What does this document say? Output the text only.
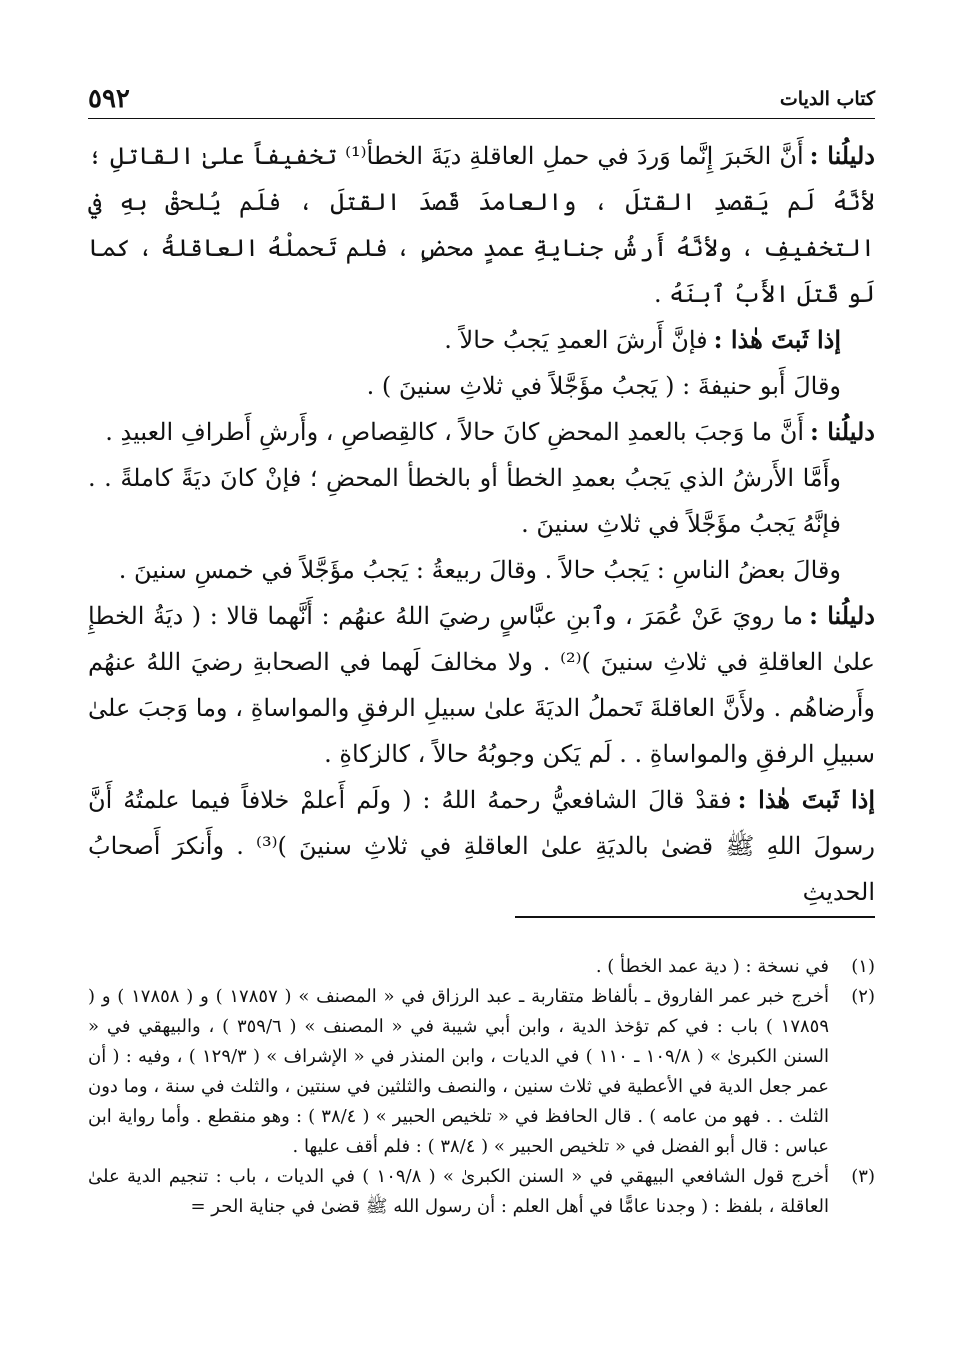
كتاب الديات
٥٩٢

دليلُنا :أَنَّ الخَبرَ إِنَّما وَردَ في حملِ العاقلةِ ديَةَ الخطأ⁽¹⁾ تخفيفاً علىٰ القاتلِ ؛ لأنَّهُ لَم يَقصدِ القتلَ ، والعامدَ قَصدَ القتلَ ، فلَم يُلحقْ بهِ في التخفيفِ ، ولأنَّهُ أَرشُ جنايةِ عمدٍ محضٍ ، فلم تَحملْهُ العاقلةُ ، كما لَو قَتلَ الأَبُ ٱبنَهُ .

إذا ثَبتَ هٰذا :فإنَّ أَرشَ العمدِ يَجبُ حالاً .

وقالَ أَبو حنيفةَ : ( يَجبُ مؤَجَّلاً في ثلاثِ سنينَ ) .

دليلُنا :أَنَّ ما وَجبَ بالعمدِ المحضِ كانَ حالاً ، كالقِصاصِ ، وأَرشِ أَطرافِ العبيدِ .

وأَمَّا الأَرشُ الذي يَجبُ بعمدِ الخطأ أو بالخطأ المحضِ ؛ فإنْ كانَ ديَةً كاملةً . . فإنَّهُ يَجبُ مؤَجَّلاً في ثلاثِ سنينَ .

وقالَ بعضُ الناسِ : يَجبُ حالاً . وقالَ ربيعةُ : يَجبُ مؤَجَّلاً في خمسِ سنينَ .

دليلُنا :ما رويَ عَنْ عُمَرَ ، وٱبنِ عبَّاسٍ رضيَ اللهُ عنهُم : أَنَّهما قالا : ( ديَةُ الخطإِ علىٰ العاقلةِ في ثلاثِ سنينَ )⁽²⁾ . ولا مخالفَ لَهما في الصحابةِ رضيَ اللهُ عنهُم وأَرضاهُم . ولأَنَّ العاقلةَ تَحملُ الديَةَ علىٰ سبيلِ الرفقِ والمواساةِ ، وما وَجبَ علىٰ سبيلِ الرفقِ والمواساةِ . . لَم يَكن وجوبُهُ حالاً ، كالزكاةِ .

إذا ثَبتَ هٰذا :فقدْ قالَ الشافعيُّ رحمهُ اللهُ : ( ولَم أَعلمْ خلافاً فيما علمتُهُ أَنَّ رسولَ اللهِ ﷺ قضىٰ بالديَةِ علىٰ العاقلةِ في ثلاثِ سنينَ )⁽³⁾ . وأَنكرَ أَصحابُ الحديثِ

(١)

في نسخة : ( دية عمد الخطأ ) .

(٢)

أخرج خبر عمر الفاروق ـ بألفاظ متقاربة ـ عبد الرزاق في « المصنف » ( ١٧٨٥٧ ) و ( ١٧٨٥٨ ) و ( ١٧٨٥٩ ) باب : في كم تؤخذ الدية ، وابن أبي شيبة في « المصنف » ( ٣٥٩/٦ ) ، والبيهقي في « السنن الكبرىٰ » ( ١٠٩/٨ ـ ١١٠ ) في الديات ، وابن المنذر في « الإشراف » ( ١٢٩/٣ ) ، وفيه : ( أن عمر جعل الدية في الأعطية في ثلاث سنين ، والنصف والثلثين في سنتين ، والثلث في سنة ، وما دون الثلث . . فهو من عامه ) . قال الحافظ في « تلخيص الحبير » ( ٣٨/٤ ) : وهو منقطع . وأما رواية ابن عباس : قال أبو الفضل في « تلخيص الحبير » ( ٣٨/٤ ) : فلم أقف عليها .

(٣)

أخرج قول الشافعي البيهقي في « السنن الكبرىٰ » ( ١٠٩/٨ ) في الديات ، باب : تنجيم الدية علىٰ العاقلة ، بلفظ : ( وجدنا عامًّا في أهل العلم : أن رسول الله ﷺ قضىٰ في جناية الحر =
